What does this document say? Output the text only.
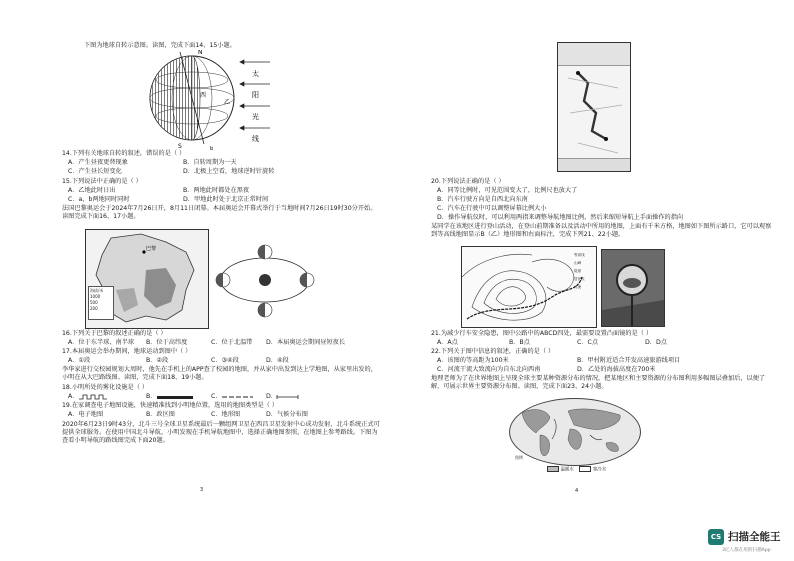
下图为地球自转示意图。读图，完成下面14、15小题。
N
S	b
西
乙
太
阳
光
线
14.下列有关地球自转的叙述，错误的是（ ）
A．产生昼夜更替现象	B．自转周期为一天
C．产生昼长短变化	D．北极上空看，地球逆时针旋转
15.下列说法中正确的是（ ）
A．乙地此时日出	B．两地此时都处在黑夜
C．a、b两地同时同时	D．甲地此时处于北京正常时间
法国巴黎奥运会于2024年7月26日开，8月11日闭幕。本届奥运会开幕式举行于当地时间7月26日19时30分开始。读图完成下面16、17小题。
巴黎
海拔/米
1000
500
200
16.下列关于巴黎的叙述正确的是（ ）
A．位于东半球、南半球 B．位于高纬度	C．位于北温带 D．本届奥运会期间昼短夜长
17.本届奥运会举办期间，地球运动到图中（ ）
A．①段	B．②段	C．③④段	D．④段
李华家进行交校园规划大周时，他先在手机上的APP查了校园的地图，并从家中出发到达上学地图，从家里出发的，小明在从大巴路线图。读图，完成下面18、19小题。
18.小明所处的雾化设施是（ ）
A．	B．	C．	D．
19.在家调查电子地图设施，快速精准找到小明地位置，选用的地图类型是（ ）
A．电子地图	B．政区图	C．地形图	D．气候分布图
2020年6月23日9时43分，北斗三号全球卫星系统最后一颗组网卫星在西昌卫星发射中心成功发射，北斗系统正式可提供全球服务。在使用中国北斗导航，小明发现在手机导航地图中，选择正确地图参照，在地图上参考路线。下图为查看小明导航的路线图完成下面20题。
3
20.下列说法正确的是（ ）
A．同等比例时，可见范围变大了，比例尺也放大了
B．汽车行驶方向是自西北向东南
C．汽车在行驶中可以调整屏幕比例大小
D．操作导航仪时，可以利用两指来调整导航地图比例，然后来缩短导航上手面操作的指向
某同学在该地区进行登山活动，在登山前期准备以及活动中所用的地图，上面有千米方格，地图如下图所示路口，它可以观察到等高线地图显示B（乙）地形图和右面标注，完成下列21、22小题。
等高线
山峰
陡崖
居民点
河流
21.为减少行车安全隐患，图中公路中的ABCD四处，最需要设置凸面镜的是（ ）
A．A点	B．B点	C．C点	D．D点
22.下列关于图中信息的叙述，正确的是（ ）
A．该图的等高距为100米	B．甲村附近适合开发高速旅游线项目
C．河流干流大致流向为自东北向西南	D．乙处的海拔高度在700米
地理老师为了在世界地图上呈现全球主要某种资源分布的情况，把某地区和主要资源的分布图利用多幅图层叠加后，以便了解，可展示世界主要资源分布图。读图，完成下面23、24小题。
温暖水	寒冷水
图例
4
CS 扫描全能王
3亿人都在用的扫描App
